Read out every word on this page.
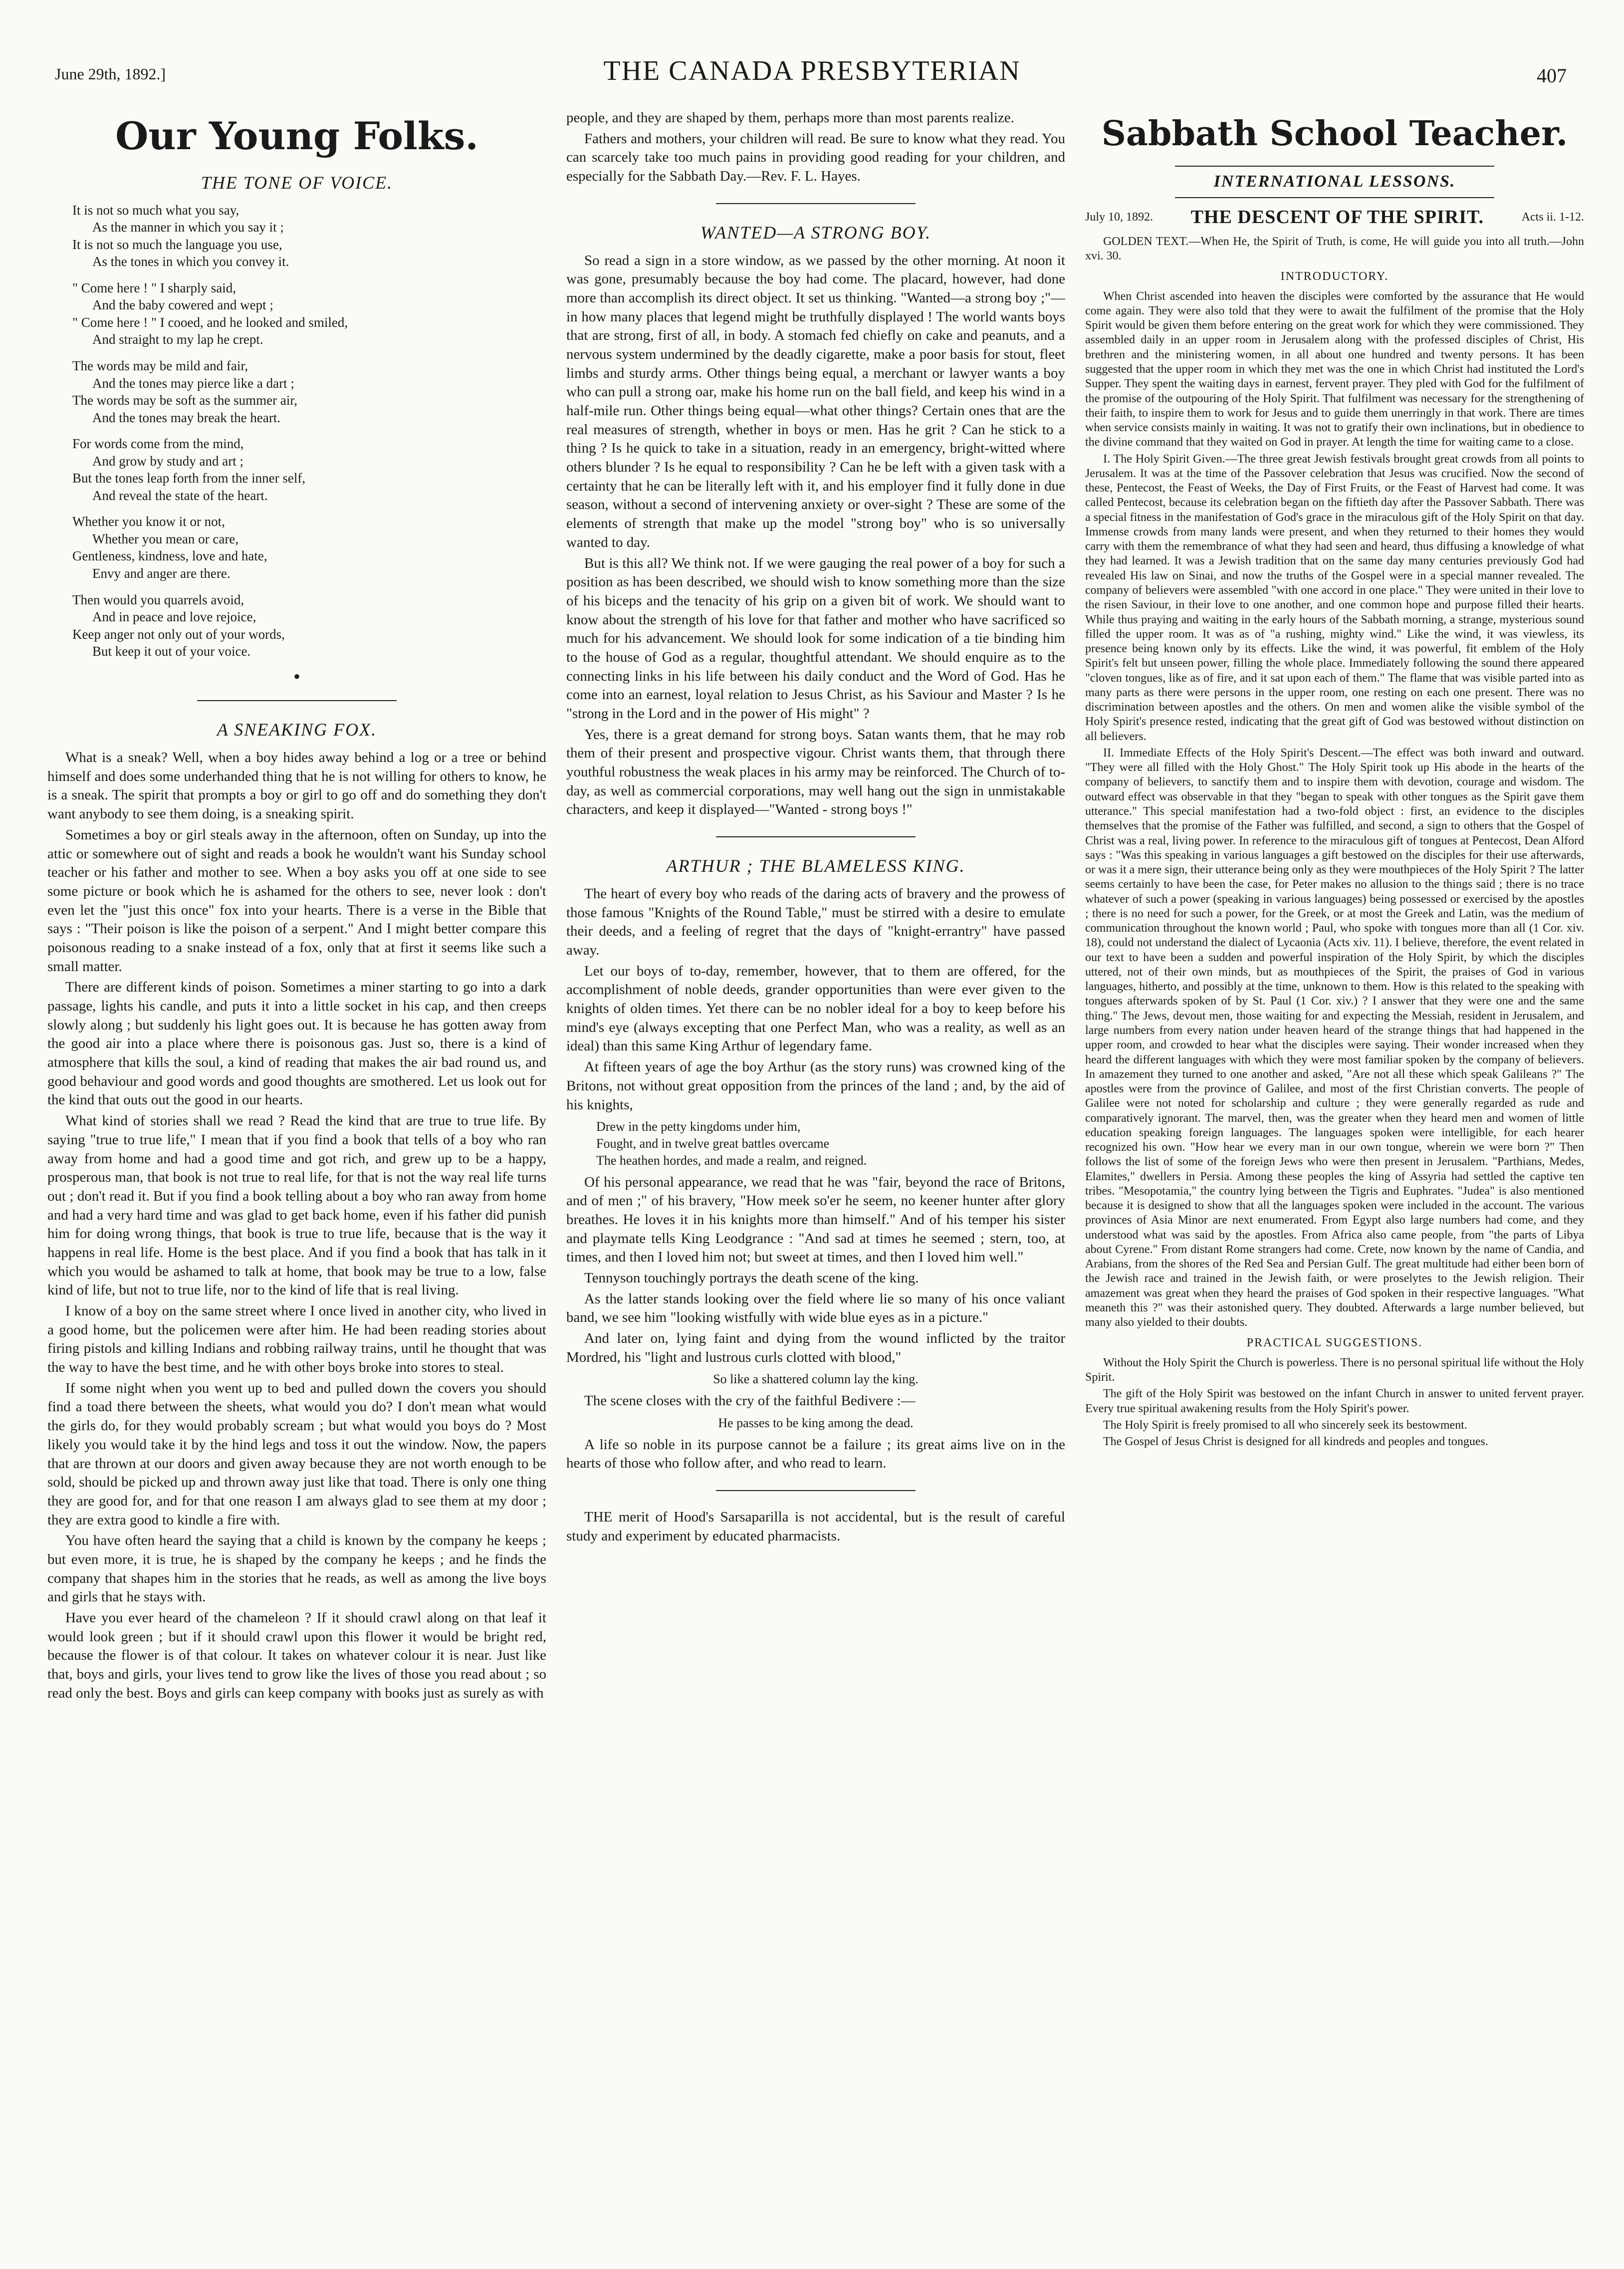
June 29th, 1892.]	THE CANADA PRESBYTERIAN	407
Our Young Folks.
THE TONE OF VOICE.
It is not so much what you say,
As the manner in which you say it ;
It is not so much the language you use,
As the tones in which you convey it.
" Come here ! " I sharply said,
And the baby cowered and wept ;
" Come here ! " I cooed, and he looked and smiled,
And straight to my lap he crept.
The words may be mild and fair,
And the tones may pierce like a dart ;
The words may be soft as the summer air,
And the tones may break the heart.
For words come from the mind,
And grow by study and art ;
But the tones leap forth from the inner self,
And reveal the state of the heart.
Whether you know it or not,
Whether you mean or care,
Gentleness, kindness, love and hate,
Envy and anger are there.
Then would you quarrels avoid,
And in peace and love rejoice,
Keep anger not only out of your words,
But keep it out of your voice.
●
A SNEAKING FOX.

What is a sneak? Well, when a boy hides away behind a log or a tree or behind himself and does some underhanded thing that he is not willing for others to know, he is a sneak. The spirit that prompts a boy or girl to go off and do something they don't want anybody to see them doing, is a sneaking spirit.

Sometimes a boy or girl steals away in the afternoon, often on Sunday, up into the attic or somewhere out of sight and reads a book he wouldn't want his Sunday school teacher or his father and mother to see. When a boy asks you off at one side to see some picture or book which he is ashamed for the others to see, never look : don't even let the "just this once" fox into your hearts. There is a verse in the Bible that says : "Their poison is like the poison of a serpent." And I might better compare this poisonous reading to a snake instead of a fox, only that at first it seems like such a small matter.

There are different kinds of poison. Sometimes a miner starting to go into a dark passage, lights his candle, and puts it into a little socket in his cap, and then creeps slowly along ; but suddenly his light goes out. It is because he has gotten away from the good air into a place where there is poisonous gas. Just so, there is a kind of atmosphere that kills the soul, a kind of reading that makes the air bad round us, and good behaviour and good words and good thoughts are smothered. Let us look out for the kind that outs out the good in our hearts.

What kind of stories shall we read ? Read the kind that are true to true life. By saying "true to true life," I mean that if you find a book that tells of a boy who ran away from home and had a good time and got rich, and grew up to be a happy, prosperous man, that book is not true to real life, for that is not the way real life turns out ; don't read it. But if you find a book telling about a boy who ran away from home and had a very hard time and was glad to get back home, even if his father did punish him for doing wrong things, that book is true to true life, because that is the way it happens in real life. Home is the best place. And if you find a book that has talk in it which you would be ashamed to talk at home, that book may be true to a low, false kind of life, but not to true life, nor to the kind of life that is real living.

I know of a boy on the same street where I once lived in another city, who lived in a good home, but the policemen were after him. He had been reading stories about firing pistols and killing Indians and robbing railway trains, until he thought that was the way to have the best time, and he with other boys broke into stores to steal.

If some night when you went up to bed and pulled down the covers you should find a toad there between the sheets, what would you do? I don't mean what would the girls do, for they would probably scream ; but what would you boys do ? Most likely you would take it by the hind legs and toss it out the window. Now, the papers that are thrown at our doors and given away because they are not worth enough to be sold, should be picked up and thrown away just like that toad. There is only one thing they are good for, and for that one reason I am always glad to see them at my door ; they are extra good to kindle a fire with.

You have often heard the saying that a child is known by the company he keeps ; but even more, it is true, he is shaped by the company he keeps ; and he finds the company that shapes him in the stories that he reads, as well as among the live boys and girls that he stays with.

Have you ever heard of the chameleon ? If it should crawl along on that leaf it would look green ; but if it should crawl upon this flower it would be bright red, because the flower is of that colour. It takes on whatever colour it is near. Just like that, boys and girls, your lives tend to grow like the lives of those you read about ; so read only the best. Boys and girls can keep company with books just as surely as with

people, and they are shaped by them, perhaps more than most parents realize.

Fathers and mothers, your children will read. Be sure to know what they read. You can scarcely take too much pains in providing good reading for your children, and especially for the Sabbath Day.—Rev. F. L. Hayes.

WANTED—A STRONG BOY.

So read a sign in a store window, as we passed by the other morning. At noon it was gone, presumably because the boy had come. The placard, however, had done more than accomplish its direct object. It set us thinking. "Wanted—a strong boy ;"—in how many places that legend might be truthfully displayed ! The world wants boys that are strong, first of all, in body. A stomach fed chiefly on cake and peanuts, and a nervous system undermined by the deadly cigarette, make a poor basis for stout, fleet limbs and sturdy arms. Other things being equal, a merchant or lawyer wants a boy who can pull a strong oar, make his home run on the ball field, and keep his wind in a half-mile run. Other things being equal—what other things? Certain ones that are the real measures of strength, whether in boys or men. Has he grit ? Can he stick to a thing ? Is he quick to take in a situation, ready in an emergency, bright-witted where others blunder ? Is he equal to responsibility ? Can he be left with a given task with a certainty that he can be literally left with it, and his employer find it fully done in due season, without a second of intervening anxiety or over-sight ? These are some of the elements of strength that make up the model "strong boy" who is so universally wanted to day.

But is this all? We think not. If we were gauging the real power of a boy for such a position as has been described, we should wish to know something more than the size of his biceps and the tenacity of his grip on a given bit of work. We should want to know about the strength of his love for that father and mother who have sacrificed so much for his advancement. We should look for some indication of a tie binding him to the house of God as a regular, thoughtful attendant. We should enquire as to the connecting links in his life between his daily conduct and the Word of God. Has he come into an earnest, loyal relation to Jesus Christ, as his Saviour and Master ? Is he "strong in the Lord and in the power of His might" ?

Yes, there is a great demand for strong boys. Satan wants them, that he may rob them of their present and prospective vigour. Christ wants them, that through there youthful robustness the weak places in his army may be reinforced. The Church of to-day, as well as commercial corporations, may well hang out the sign in unmistakable characters, and keep it displayed—"Wanted - strong boys !"

ARTHUR ; THE BLAMELESS KING.

The heart of every boy who reads of the daring acts of bravery and the prowess of those famous "Knights of the Round Table," must be stirred with a desire to emulate their deeds, and a feeling of regret that the days of "knight-errantry" have passed away.

Let our boys of to-day, remember, however, that to them are offered, for the accomplishment of noble deeds, grander opportunities than were ever given to the knights of olden times. Yet there can be no nobler ideal for a boy to keep before his mind's eye (always excepting that one Perfect Man, who was a reality, as well as an ideal) than this same King Arthur of legendary fame.

At fifteen years of age the boy Arthur (as the story runs) was crowned king of the Britons, not without great opposition from the princes of the land ; and, by the aid of his knights,

Drew in the petty kingdoms under him,
Fought, and in twelve great battles overcame
The heathen hordes, and made a realm, and reigned.

Of his personal appearance, we read that he was "fair, beyond the race of Britons, and of men ;" of his bravery, "How meek so'er he seem, no keener hunter after glory breathes. He loves it in his knights more than himself." And of his temper his sister and playmate tells King Leodgrance : "And sad at times he seemed ; stern, too, at times, and then I loved him not; but sweet at times, and then I loved him well."

Tennyson touchingly portrays the death scene of the king.

As the latter stands looking over the field where lie so many of his once valiant band, we see him "looking wistfully with wide blue eyes as in a picture."

And later on, lying faint and dying from the wound inflicted by the traitor Mordred, his "light and lustrous curls clotted with blood,"

So like a shattered column lay the king.

The scene closes with the cry of the faithful Bedivere :—

He passes to be king among the dead.

A life so noble in its purpose cannot be a failure ; its great aims live on in the hearts of those who follow after, and who read to learn.

THE merit of Hood's Sarsaparilla is not accidental, but is the result of careful study and experiment by educated pharmacists.

Sabbath School Teacher.
INTERNATIONAL LESSONS.
July 10, 1892. THE DESCENT OF THE SPIRIT.	Acts ii. 1-12.

GOLDEN TEXT.—When He, the Spirit of Truth, is come, He will guide you into all truth.—John xvi. 30.

INTRODUCTORY.

When Christ ascended into heaven the disciples were comforted by the assurance that He would come again. They were also told that they were to await the fulfilment of the promise that the Holy Spirit would be given them before entering on the great work for which they were commissioned. They assembled daily in an upper room in Jerusalem along with the professed disciples of Christ, His brethren and the ministering women, in all about one hundred and twenty persons. It has been suggested that the upper room in which they met was the one in which Christ had instituted the Lord's Supper. They spent the waiting days in earnest, fervent prayer. They pled with God for the fulfilment of the promise of the outpouring of the Holy Spirit. That fulfilment was necessary for the strengthening of their faith, to inspire them to work for Jesus and to guide them unerringly in that work. There are times when service consists mainly in waiting. It was not to gratify their own inclinations, but in obedience to the divine command that they waited on God in prayer. At length the time for waiting came to a close.

I. The Holy Spirit Given.—The three great Jewish festivals brought great crowds from all points to Jerusalem. It was at the time of the Passover celebration that Jesus was crucified. Now the second of these, Pentecost, the Feast of Weeks, the Day of First Fruits, or the Feast of Harvest had come. It was called Pentecost, because its celebration began on the fiftieth day after the Passover Sabbath. There was a special fitness in the manifestation of God's grace in the miraculous gift of the Holy Spirit on that day. Immense crowds from many lands were present, and when they returned to their homes they would carry with them the remembrance of what they had seen and heard, thus diffusing a knowledge of what they had learned. It was a Jewish tradition that on the same day many centuries previously God had revealed His law on Sinai, and now the truths of the Gospel were in a special manner revealed. The company of believers were assembled "with one accord in one place." They were united in their love to the risen Saviour, in their love to one another, and one common hope and purpose filled their hearts. While thus praying and waiting in the early hours of the Sabbath morning, a strange, mysterious sound filled the upper room. It was as of "a rushing, mighty wind." Like the wind, it was viewless, its presence being known only by its effects. Like the wind, it was powerful, fit emblem of the Holy Spirit's felt but unseen power, filling the whole place. Immediately following the sound there appeared "cloven tongues, like as of fire, and it sat upon each of them." The flame that was visible parted into as many parts as there were persons in the upper room, one resting on each one present. There was no discrimination between apostles and the others. On men and women alike the visible symbol of the Holy Spirit's presence rested, indicating that the great gift of God was bestowed without distinction on all believers.

II. Immediate Effects of the Holy Spirit's Descent.—The effect was both inward and outward. "They were all filled with the Holy Ghost." The Holy Spirit took up His abode in the hearts of the company of believers, to sanctify them and to inspire them with devotion, courage and wisdom. The outward effect was observable in that they "began to speak with other tongues as the Spirit gave them utterance." This special manifestation had a two-fold object : first, an evidence to the disciples themselves that the promise of the Father was fulfilled, and second, a sign to others that the Gospel of Christ was a real, living power. In reference to the miraculous gift of tongues at Pentecost, Dean Alford says : "Was this speaking in various languages a gift bestowed on the disciples for their use afterwards, or was it a mere sign, their utterance being only as they were mouthpieces of the Holy Spirit ? The latter seems certainly to have been the case, for Peter makes no allusion to the things said ; there is no trace whatever of such a power (speaking in various languages) being possessed or exercised by the apostles ; there is no need for such a power, for the Greek, or at most the Greek and Latin, was the medium of communication throughout the known world ; Paul, who spoke with tongues more than all (1 Cor. xiv. 18), could not understand the dialect of Lycaonia (Acts xiv. 11). I believe, therefore, the event related in our text to have been a sudden and powerful inspiration of the Holy Spirit, by which the disciples uttered, not of their own minds, but as mouthpieces of the Spirit, the praises of God in various languages, hitherto, and possibly at the time, unknown to them. How is this related to the speaking with tongues afterwards spoken of by St. Paul (1 Cor. xiv.) ? I answer that they were one and the same thing." The Jews, devout men, those waiting for and expecting the Messiah, resident in Jerusalem, and large numbers from every nation under heaven heard of the strange things that had happened in the upper room, and crowded to hear what the disciples were saying. Their wonder increased when they heard the different languages with which they were most familiar spoken by the company of believers. In amazement they turned to one another and asked, "Are not all these which speak Galileans ?" The apostles were from the province of Galilee, and most of the first Christian converts. The people of Galilee were not noted for scholarship and culture ; they were generally regarded as rude and comparatively ignorant. The marvel, then, was the greater when they heard men and women of little education speaking foreign languages. The languages spoken were intelligible, for each hearer recognized his own. "How hear we every man in our own tongue, wherein we were born ?" Then follows the list of some of the foreign Jews who were then present in Jerusalem. "Parthians, Medes, Elamites," dwellers in Persia. Among these peoples the king of Assyria had settled the captive ten tribes. "Mesopotamia," the country lying between the Tigris and Euphrates. "Judea" is also mentioned because it is designed to show that all the languages spoken were included in the account. The various provinces of Asia Minor are next enumerated. From Egypt also large numbers had come, and they understood what was said by the apostles. From Africa also came people, from "the parts of Libya about Cyrene." From distant Rome strangers had come. Crete, now known by the name of Candia, and Arabians, from the shores of the Red Sea and Persian Gulf. The great multitude had either been born of the Jewish race and trained in the Jewish faith, or were proselytes to the Jewish religion. Their amazement was great when they heard the praises of God spoken in their respective languages. "What meaneth this ?" was their astonished query. They doubted. Afterwards a large number believed, but many also yielded to their doubts.

PRACTICAL SUGGESTIONS.

Without the Holy Spirit the Church is powerless. There is no personal spiritual life without the Holy Spirit.

The gift of the Holy Spirit was bestowed on the infant Church in answer to united fervent prayer. Every true spiritual awakening results from the Holy Spirit's power.

The Holy Spirit is freely promised to all who sincerely seek its bestowment.

The Gospel of Jesus Christ is designed for all kindreds and peoples and tongues.
